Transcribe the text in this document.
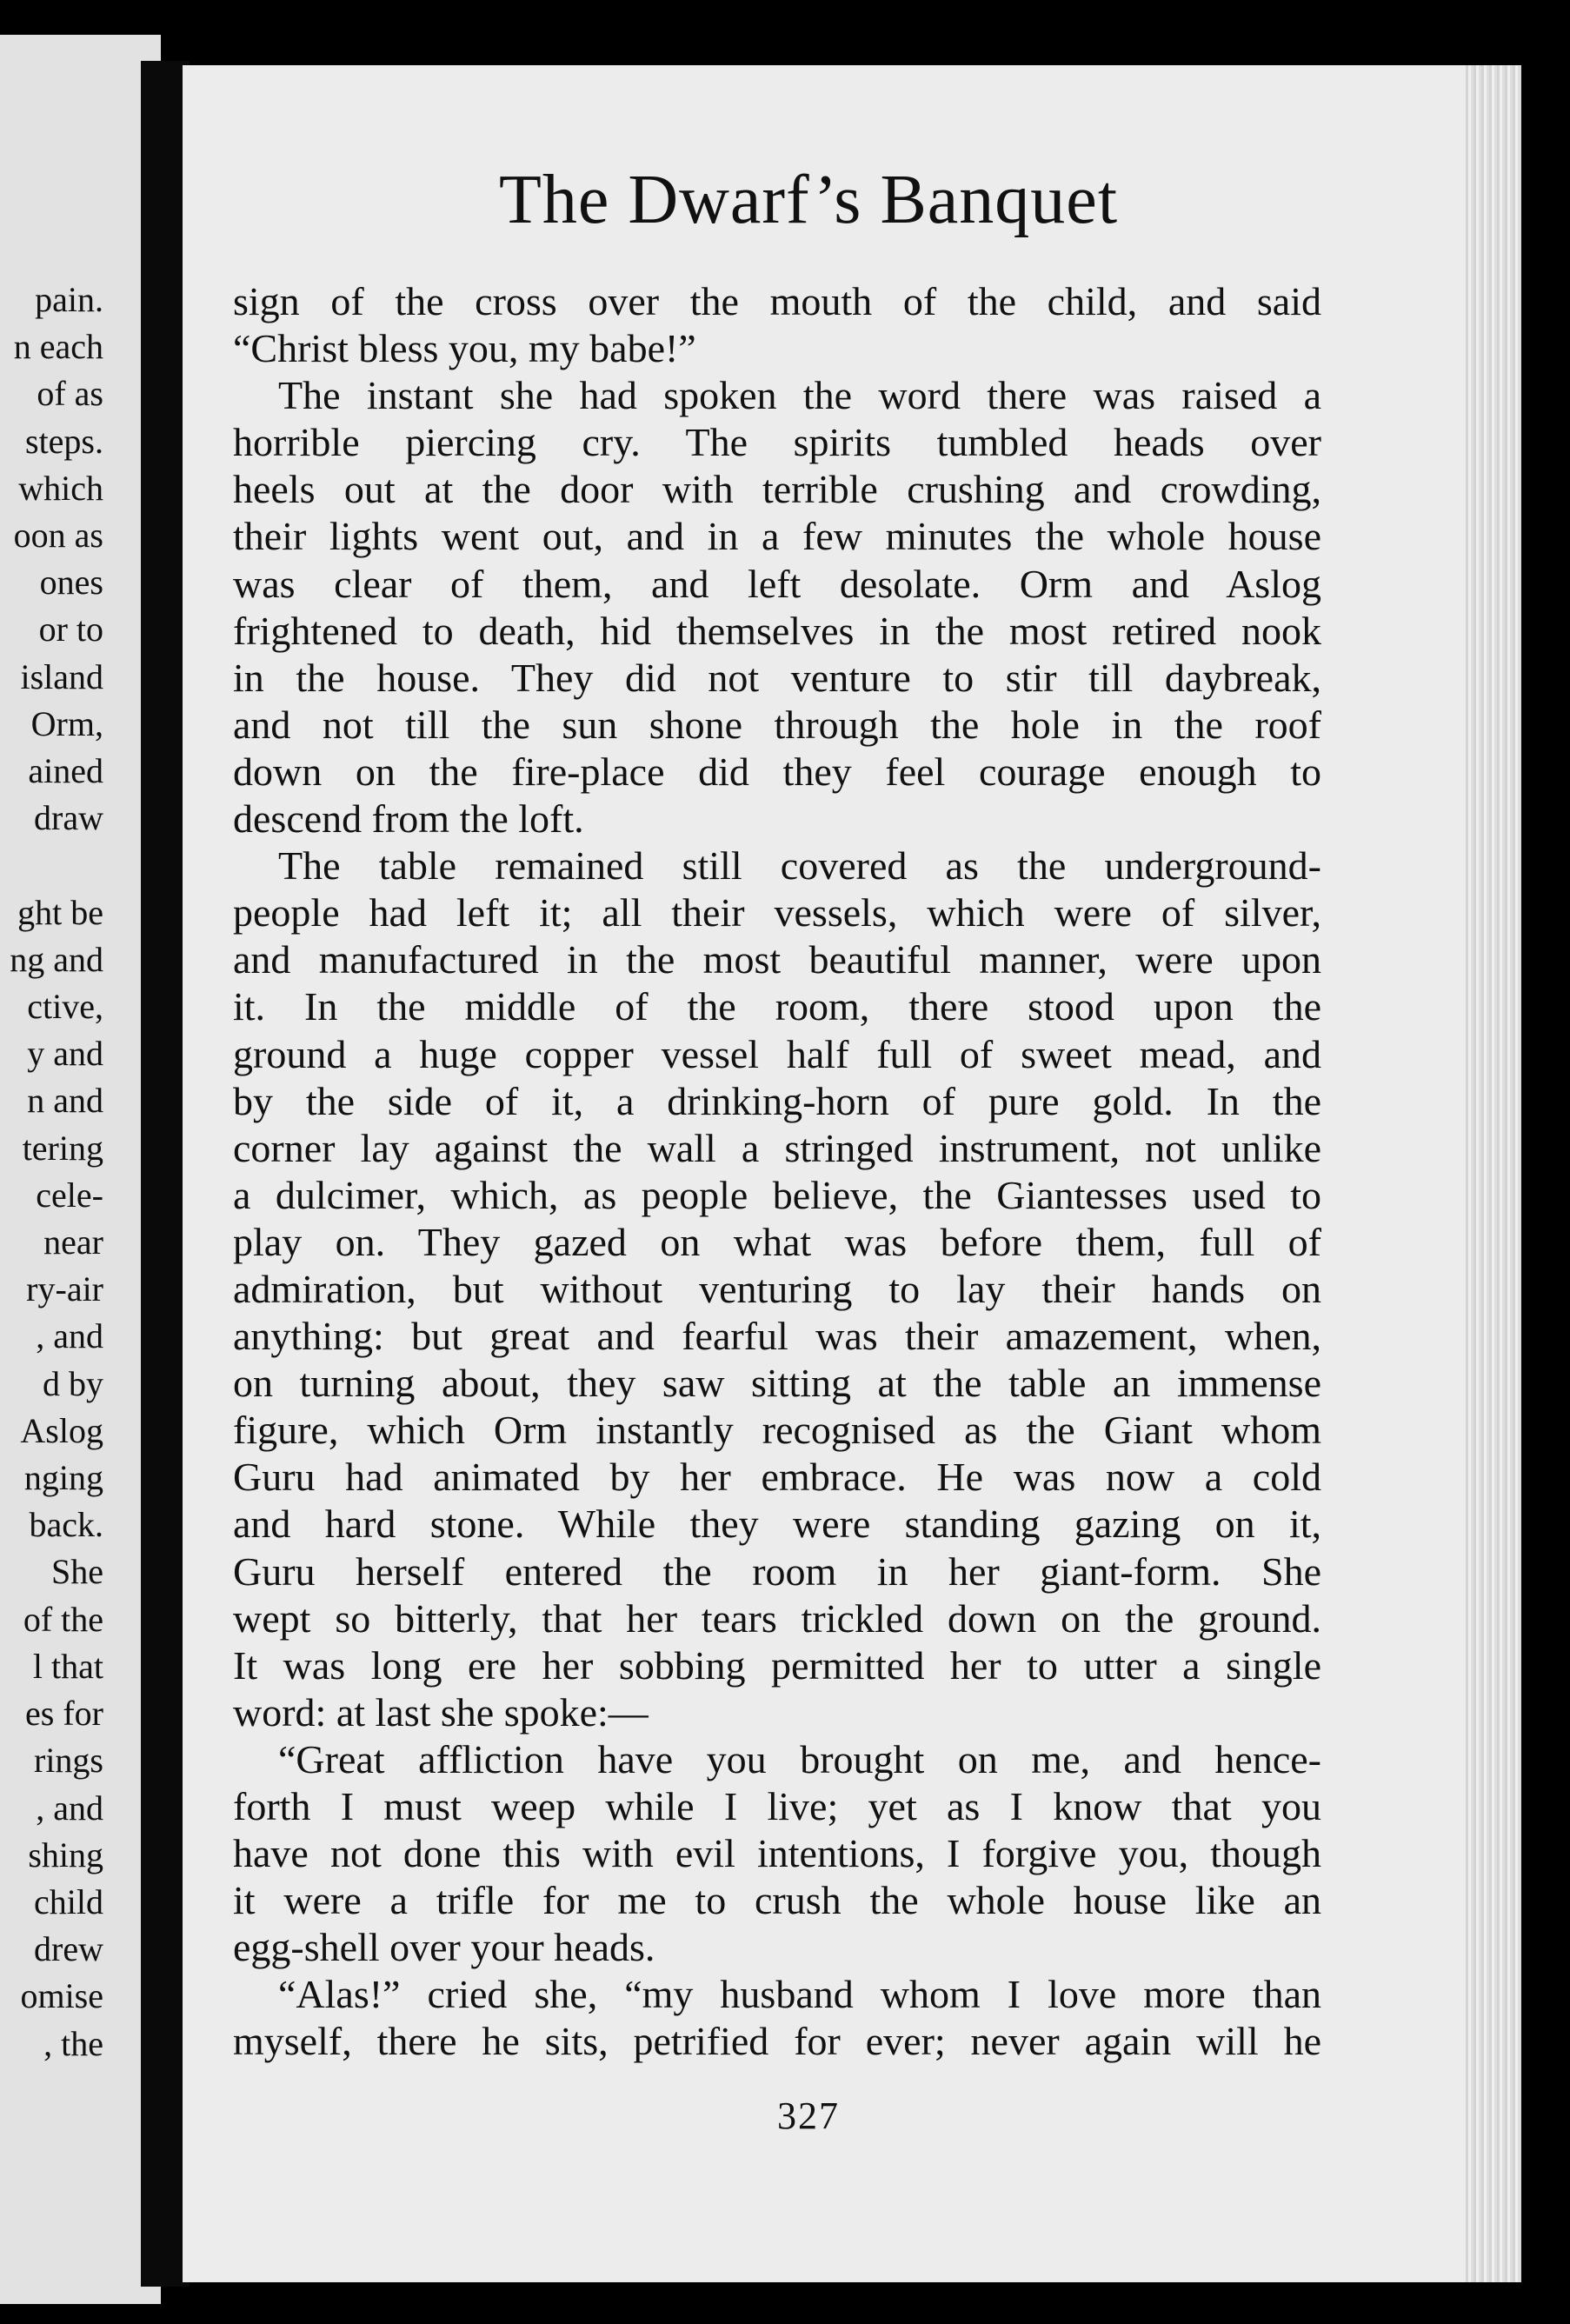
pain.
n each
of as
steps.
which
oon as
ones
or to
island
Orm,
ained
draw

ght be
ng and
ctive,
y and
n and
tering
cele-
near
ry-air
, and
d by
Aslog
nging
back.
She
of the
l that
es for
rings
, and
shing
child
drew
omise
, the
The Dwarf’s Banquet
sign of the cross over the mouth of the child, and said
“Christ bless you, my babe!”
The instant she had spoken the word there was raised a
horrible piercing cry. The spirits tumbled heads over
heels out at the door with terrible crushing and crowding,
their lights went out, and in a few minutes the whole house
was clear of them, and left desolate. Orm and Aslog
frightened to death, hid themselves in the most retired nook
in the house. They did not venture to stir till daybreak,
and not till the sun shone through the hole in the roof
down on the fire-place did they feel courage enough to
descend from the loft.
The table remained still covered as the underground-
people had left it; all their vessels, which were of silver,
and manufactured in the most beautiful manner, were upon
it. In the middle of the room, there stood upon the
ground a huge copper vessel half full of sweet mead, and
by the side of it, a drinking-horn of pure gold. In the
corner lay against the wall a stringed instrument, not unlike
a dulcimer, which, as people believe, the Giantesses used to
play on. They gazed on what was before them, full of
admiration, but without venturing to lay their hands on
anything: but great and fearful was their amazement, when,
on turning about, they saw sitting at the table an immense
figure, which Orm instantly recognised as the Giant whom
Guru had animated by her embrace. He was now a cold
and hard stone. While they were standing gazing on it,
Guru herself entered the room in her giant-form. She
wept so bitterly, that her tears trickled down on the ground.
It was long ere her sobbing permitted her to utter a single
word: at last she spoke:—
“Great affliction have you brought on me, and hence-
forth I must weep while I live; yet as I know that you
have not done this with evil intentions, I forgive you, though
it were a trifle for me to crush the whole house like an
egg-shell over your heads.
“Alas!” cried she, “my husband whom I love more than
myself, there he sits, petrified for ever; never again will he
327
